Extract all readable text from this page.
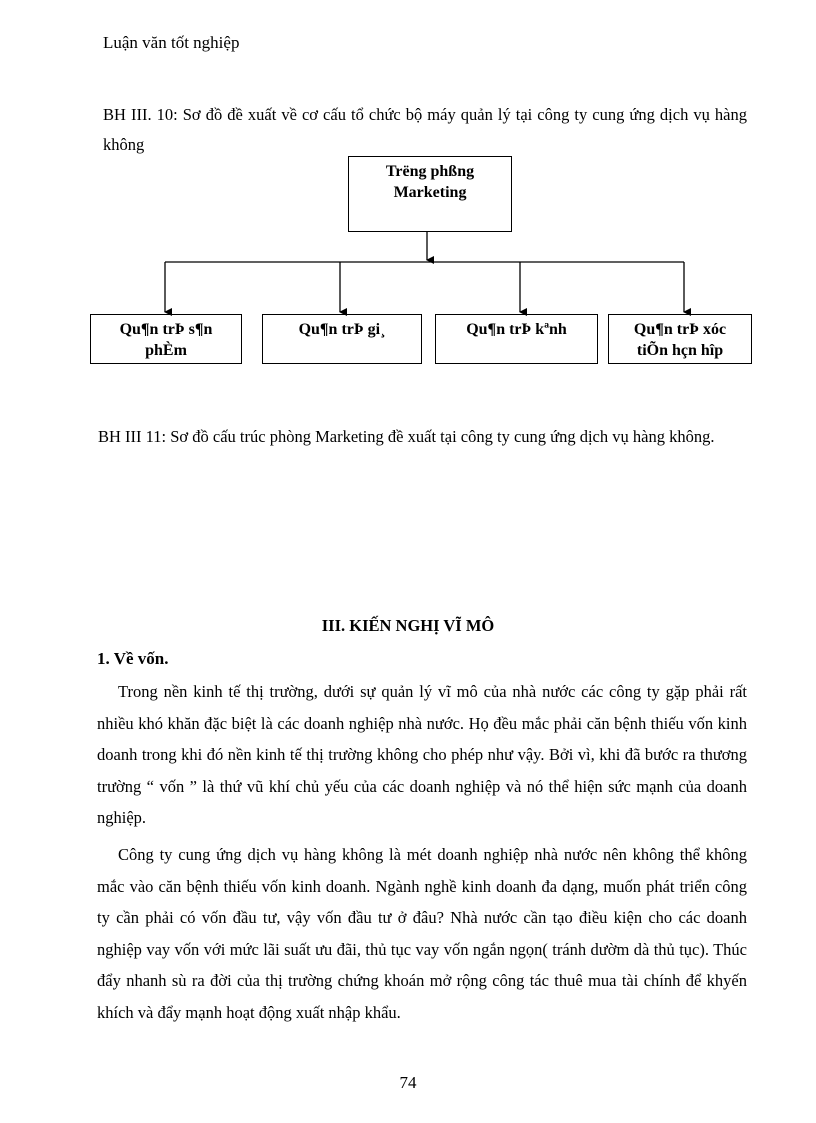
Luận văn tốt nghiệp
BH III. 10: Sơ đồ đề xuất về cơ cấu tổ chức bộ máy quản lý tại công ty cung ứng dịch vụ hàng không
Trëng phßng
Marketing
Qu¶n trÞ s¶n
phÈm
Qu¶n trÞ gi¸	Qu¶n trÞ kªnh	Qu¶n trÞ xóc
tiÕn hçn hîp
BH III 11: Sơ đồ cấu trúc phòng Marketing đề xuất tại công ty cung ứng dịch vụ hàng không.
III. KIẾN NGHỊ VĨ MÔ
1. Về vốn.
Trong nền kinh tế thị trường, dưới sự quản lý vĩ mô của nhà nước các công ty gặp phải rất nhiều khó khăn đặc biệt là các doanh nghiệp nhà nước. Họ đều mắc phải căn bệnh thiếu vốn kinh doanh trong khi đó nền kinh tế thị trường không cho phép như vậy. Bởi vì, khi đã bước ra thương trường “ vốn ” là thứ vũ khí chủ yếu của các doanh nghiệp và nó thể hiện sức mạnh của doanh nghiệp.
Công ty cung ứng dịch vụ hàng không là mét doanh nghiệp nhà nước nên không thể không mắc vào căn bệnh thiếu vốn kinh doanh. Ngành nghề kinh doanh đa dạng, muốn phát triển công ty cần phải có vốn đầu tư, vậy vốn đầu tư ở đâu? Nhà nước cần tạo điều kiện cho các doanh nghiệp vay vốn với mức lãi suất ưu đãi, thủ tục vay vốn ngắn ngọn( tránh dườm dà thủ tục). Thúc đẩy nhanh sù ra đời của thị trường chứng khoán mở rộng công tác thuê mua tài chính để khyến khích và đẩy mạnh hoạt động xuất nhập khẩu.
74
